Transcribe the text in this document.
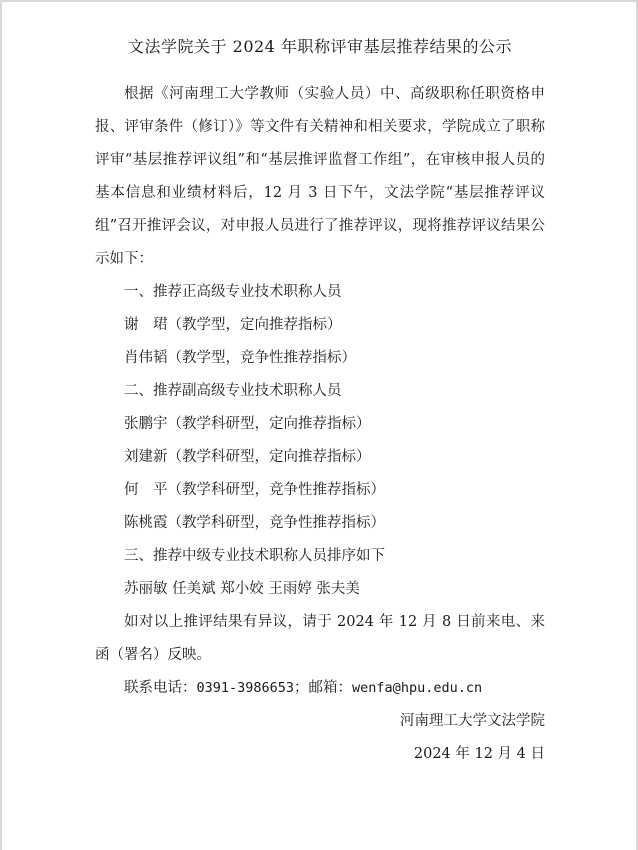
文法学院关于 2024 年职称评审基层推荐结果的公示

根据《河南理工大学教师（实验人员）中、高级职称任职资格申报、评审条件（修订）》等文件有关精神和相关要求，学院成立了职称评审“基层推荐评议组”和“基层推评监督工作组”，在审核申报人员的基本信息和业绩材料后，12 月 3 日下午，文法学院“基层推荐评议组”召开推评会议，对申报人员进行了推荐评议，现将推荐评议结果公示如下：

一、推荐正高级专业技术职称人员

谢　珺（教学型，定向推荐指标）

肖伟韬（教学型，竞争性推荐指标）

二、推荐副高级专业技术职称人员

张鹏宇（教学科研型，定向推荐指标）

刘建新（教学科研型，定向推荐指标）

何　平（教学科研型，竞争性推荐指标）

陈桃霞（教学科研型，竞争性推荐指标）

三、推荐中级专业技术职称人员排序如下

苏丽敏 任美斌 郑小姣 王雨婷 张夫美

如对以上推评结果有异议，请于 2024 年 12 月 8 日前来电、来函（署名）反映。

联系电话：0391-3986653；邮箱：wenfa@hpu.edu.cn

河南理工大学文法学院

2024 年 12 月 4 日
